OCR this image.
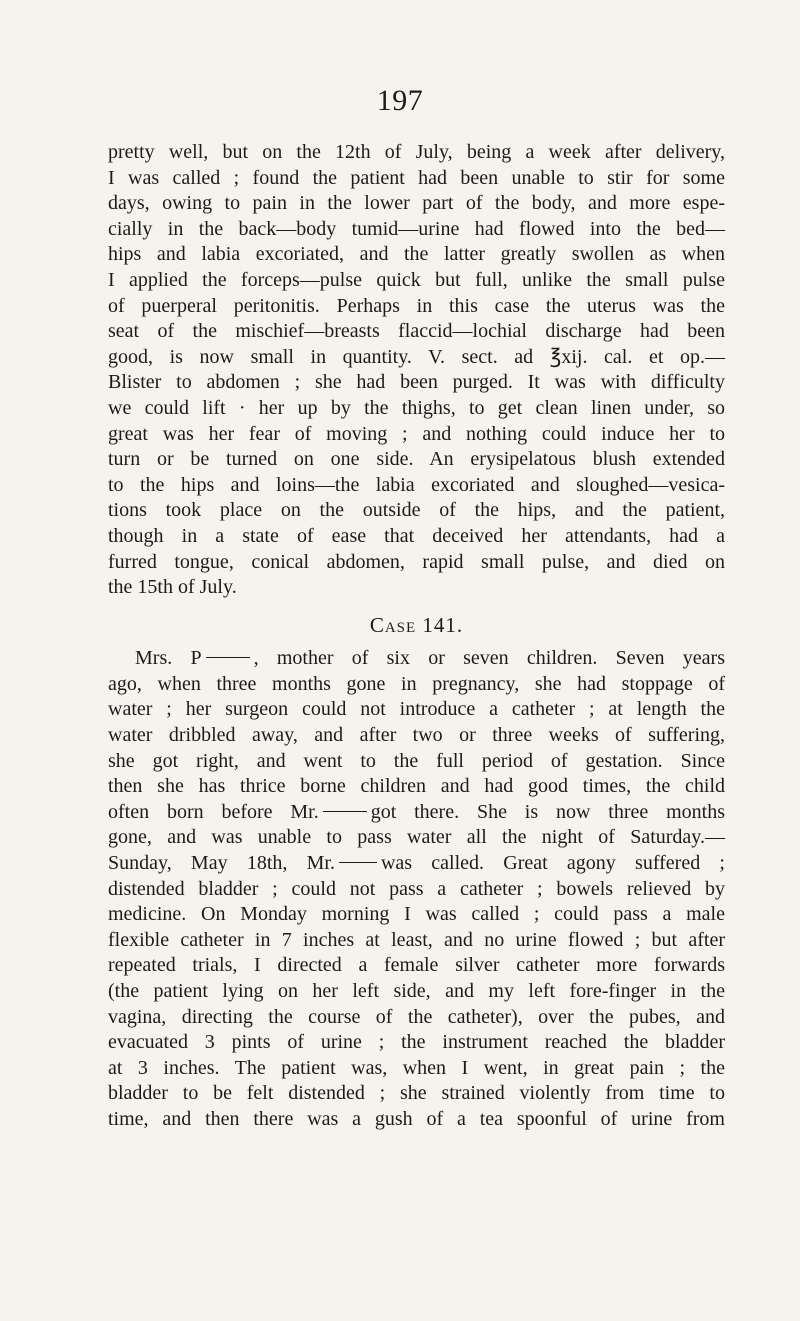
197
pretty well, but on the 12th of July, being a week after delivery,
I was called ; found the patient had been unable to stir for some
days, owing to pain in the lower part of the body, and more espe-
cially in the back—body tumid—urine had flowed into the bed—
hips and labia excoriated, and the latter greatly swollen as when
I applied the forceps—pulse quick but full, unlike the small pulse
of puerperal peritonitis. Perhaps in this case the uterus was the
seat of the mischief—breasts flaccid—lochial discharge had been
good, is now small in quantity. V. sect. ad ℥xij. cal. et op.—
Blister to abdomen ; she had been purged. It was with difficulty
we could lift · her up by the thighs, to get clean linen under, so
great was her fear of moving ; and nothing could induce her to
turn or be turned on one side. An erysipelatous blush extended
to the hips and loins—the labia excoriated and sloughed—vesica-
tions took place on the outside of the hips, and the patient,
though in a state of ease that deceived her attendants, had a
furred tongue, conical abdomen, rapid small pulse, and died on
the 15th of July.
Case 141.
Mrs. P	, mother of six or seven children. Seven years
ago, when three months gone in pregnancy, she had stoppage of
water ; her surgeon could not introduce a catheter ; at length the
water dribbled away, and after two or three weeks of suffering,
she got right, and went to the full period of gestation. Since
then she has thrice borne children and had good times, the child
often born before Mr.	got there. She is now three months
gone, and was unable to pass water all the night of Saturday.—
Sunday, May 18th, Mr. was called. Great agony suffered ;
distended bladder ; could not pass a catheter ; bowels relieved by
medicine. On Monday morning I was called ; could pass a male
flexible catheter in 7 inches at least, and no urine flowed ; but after
repeated trials, I directed a female silver catheter more forwards
(the patient lying on her left side, and my left fore-finger in the
vagina, directing the course of the catheter), over the pubes, and
evacuated 3 pints of urine ; the instrument reached the bladder
at 3 inches. The patient was, when I went, in great pain ; the
bladder to be felt distended ; she strained violently from time to
time, and then there was a gush of a tea spoonful of urine from
